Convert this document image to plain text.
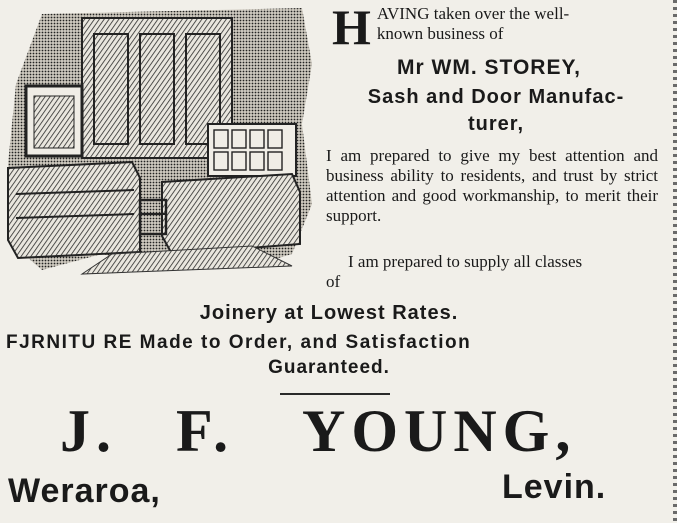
H AVING taken over the well-
known business of
Mr WM. STOREY,
Sash and Door Manufac-
turer,
I am prepared to give my best attention and business ability to residents, and trust by strict attention and good workmanship, to merit their support.
I am prepared to supply all classes
of
Joinery at Lowest Rates.
FJRNITU RE Made to Order, and Satisfaction
Guaranteed.
J. F. YOUNG,
Weraroa,	Levin.
